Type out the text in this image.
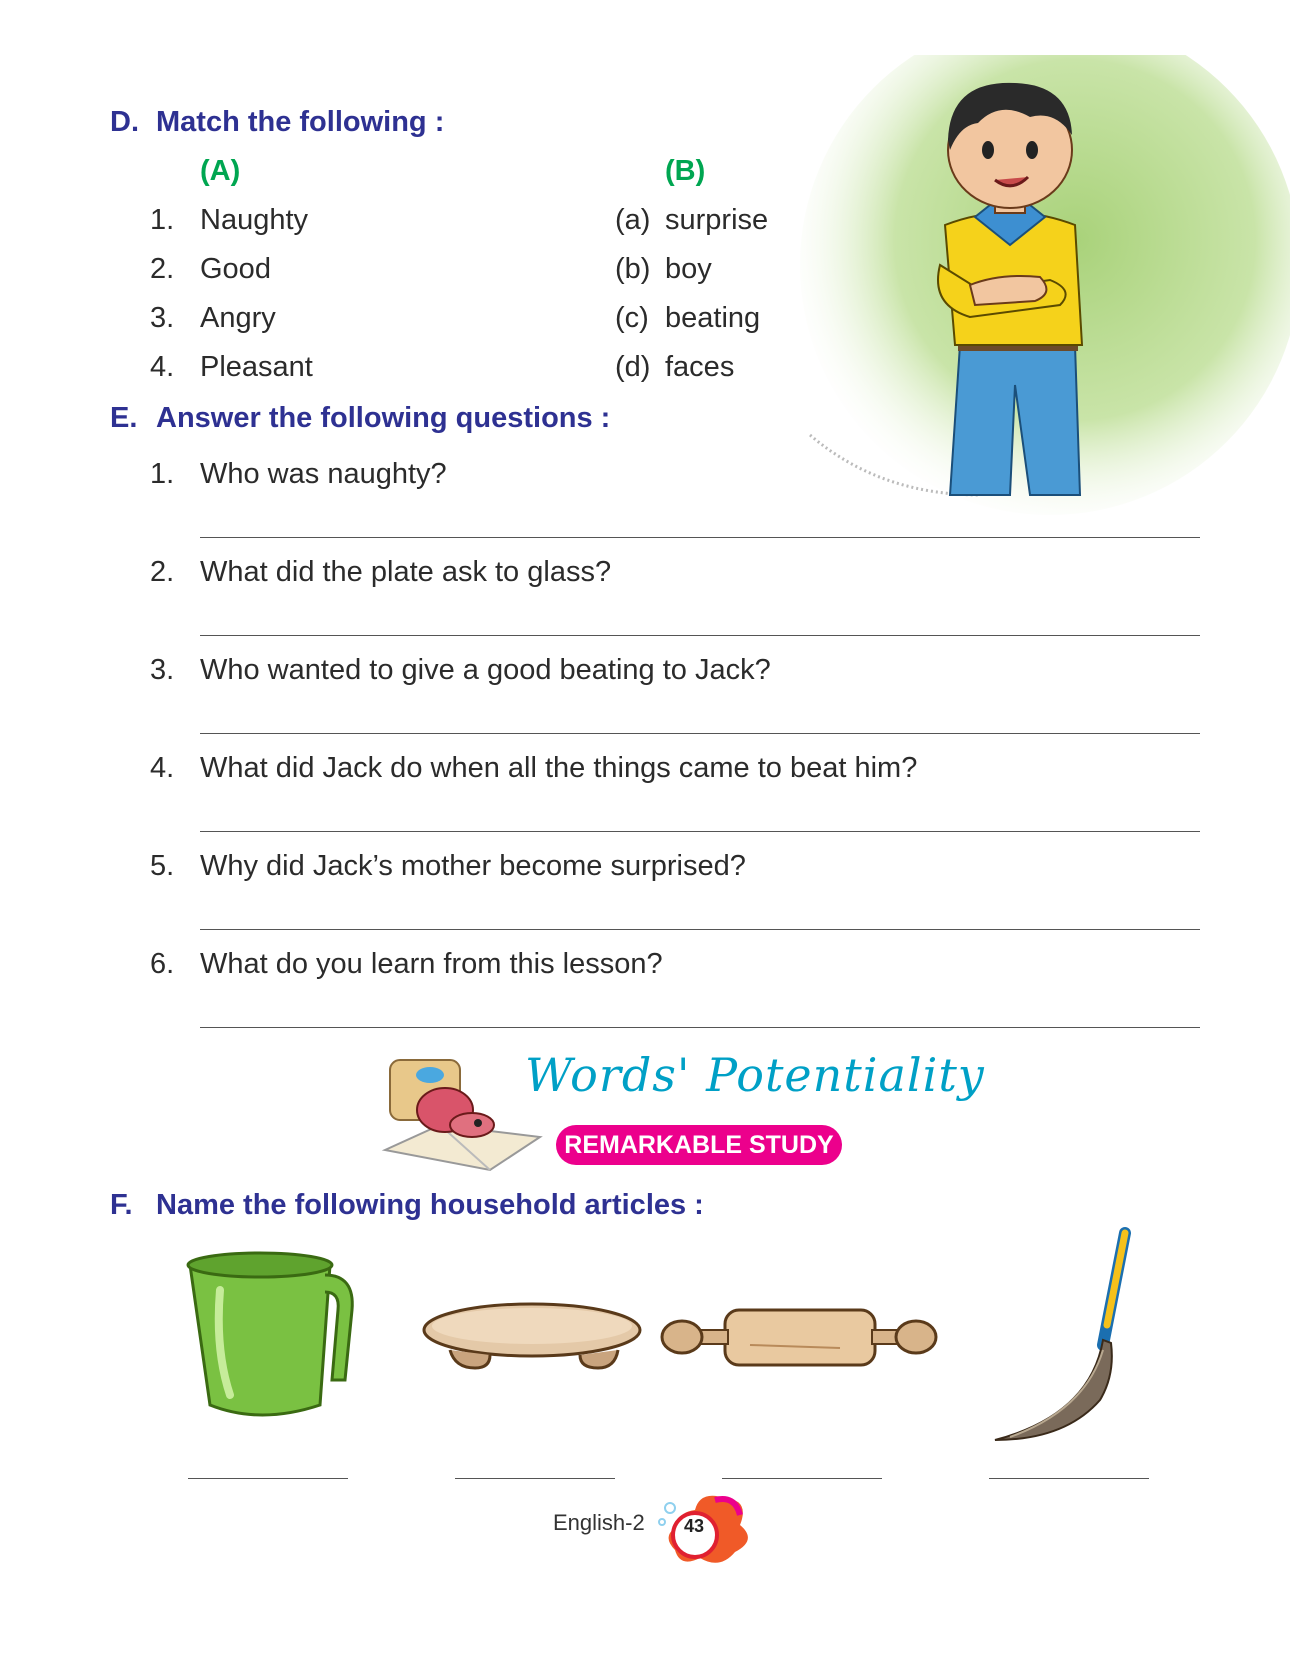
D. Match the following :
(A)	(B)
1. Naughty
2. Good
3. Angry
4. Pleasant
(a) surprise
(b) boy
(c) beating
(d) faces
E. Answer the following questions :
1. Who was naughty?
2. What did the plate ask to glass?
3. Who wanted to give a good beating to Jack?
4. What did Jack do when all the things came to beat him?
5. Why did Jack’s mother become surprised?
6. What do you learn from this lesson?
Words' Potentiality
REMARKABLE STUDY
F. Name the following household articles :
English-2	43
